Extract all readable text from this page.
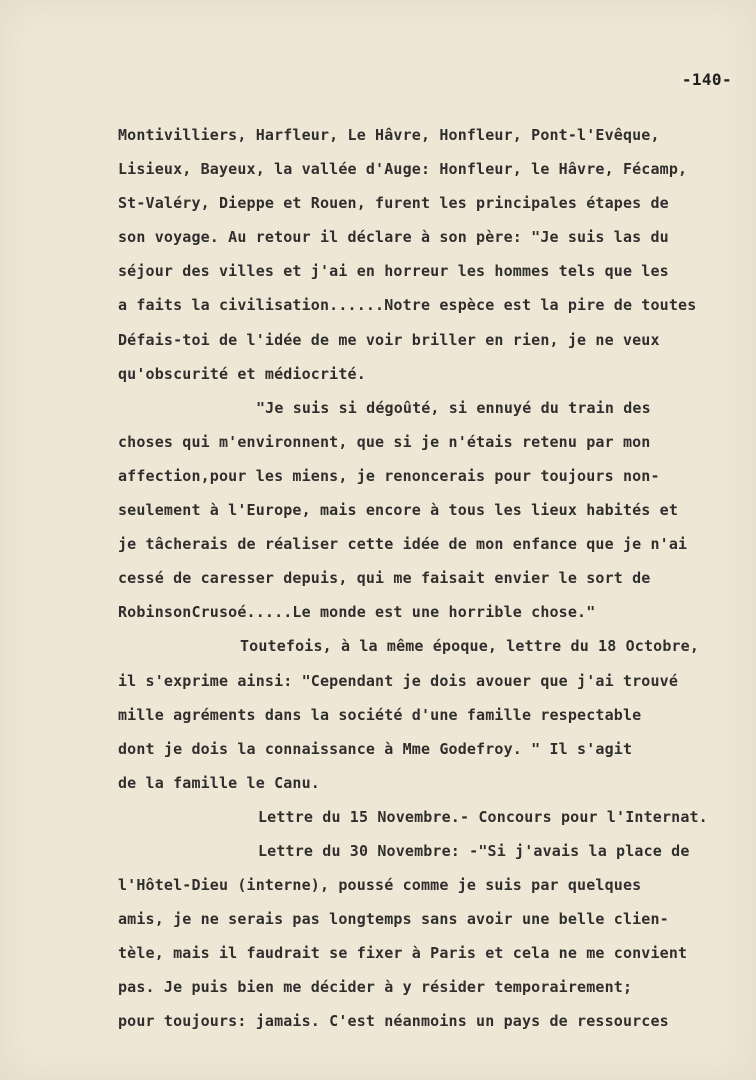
-140-
Montivilliers, Harfleur, Le Hâvre, Honfleur, Pont-l'Evêque,
Lisieux, Bayeux, la vallée d'Auge: Honfleur, le Hâvre, Fécamp,
St-Valéry, Dieppe et Rouen, furent les principales étapes de
son voyage. Au retour il déclare à son père: "Je suis las du
séjour des villes et j'ai en horreur les hommes tels que les
a faits la civilisation......Notre espèce est la pire de toutes
Défais-toi de l'idée de me voir briller en rien, je ne veux
qu'obscurité et médiocrité.
"Je suis si dégoûté, si ennuyé du train des
choses qui m'environnent, que si je n'étais retenu par mon
affection,pour les miens, je renoncerais pour toujours non-
seulement à l'Europe, mais encore à tous les lieux habités et
je tâcherais de réaliser cette idée de mon enfance que je n'ai
cessé de caresser depuis, qui me faisait envier le sort de
RobinsonCrusoé.....Le monde est une horrible chose."
Toutefois, à la même époque, lettre du 18 Octobre,
il s'exprime ainsi: "Cependant je dois avouer que j'ai trouvé
mille agréments dans la société d'une famille respectable
dont je dois la connaissance à Mme Godefroy. " Il s'agit
de la famille le Canu.
Lettre du 15 Novembre.- Concours pour l'Internat.
Lettre du 30 Novembre: -"Si j'avais la place de
l'Hôtel-Dieu (interne), poussé comme je suis par quelques
amis, je ne serais pas longtemps sans avoir une belle clien-
tèle, mais il faudrait se fixer à Paris et cela ne me convient
pas. Je puis bien me décider à y résider temporairement;
pour toujours: jamais. C'est néanmoins un pays de ressources
